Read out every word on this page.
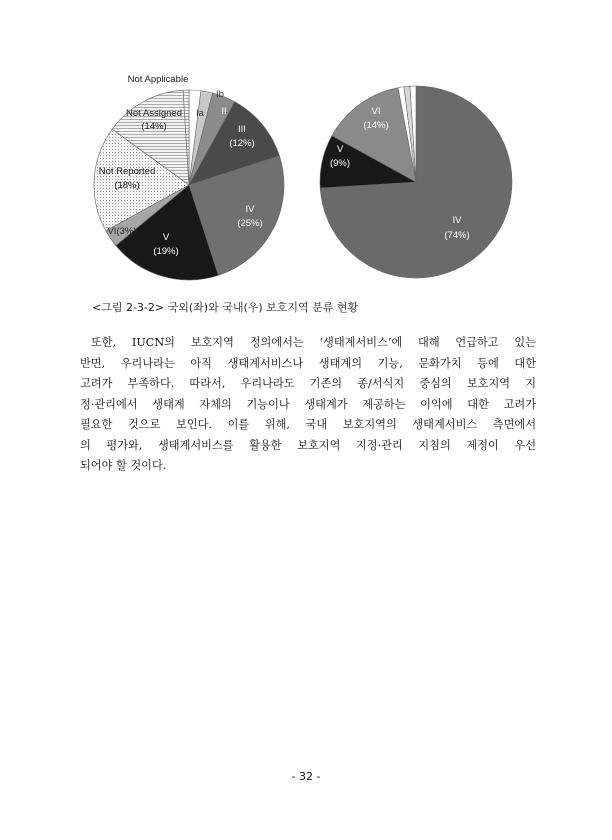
Not Applicable
Ib
Ia II
III
(12%)
IV
(25%)
V
(19%)
VI(3%)
Not Reported
(18%)
Not Assigned
(14%)
VI
(14%)
V
(9%)
IV
(74%)
<그림 2-3-2> 국외(좌)와 국내(우) 보호지역 분류 현황
또한, IUCN의 보호지역 정의에서는 ‘생태계서비스’에 대해 언급하고 있는
반면, 우리나라는 아직 생태계서비스나 생태계의 기능, 문화가치 등에 대한
고려가 부족하다. 따라서, 우리나라도 기존의 종/서식지 중심의 보호지역 지
정·관리에서 생태계 자체의 기능이나 생태계가 제공하는 이익에 대한 고려가
필요한 것으로 보인다. 이를 위해, 국내 보호지역의 생태계서비스 측면에서
의 평가와, 생태계서비스를 활용한 보호지역 지정·관리 지침의 제정이 우선
되어야 할 것이다.
- 32 -
